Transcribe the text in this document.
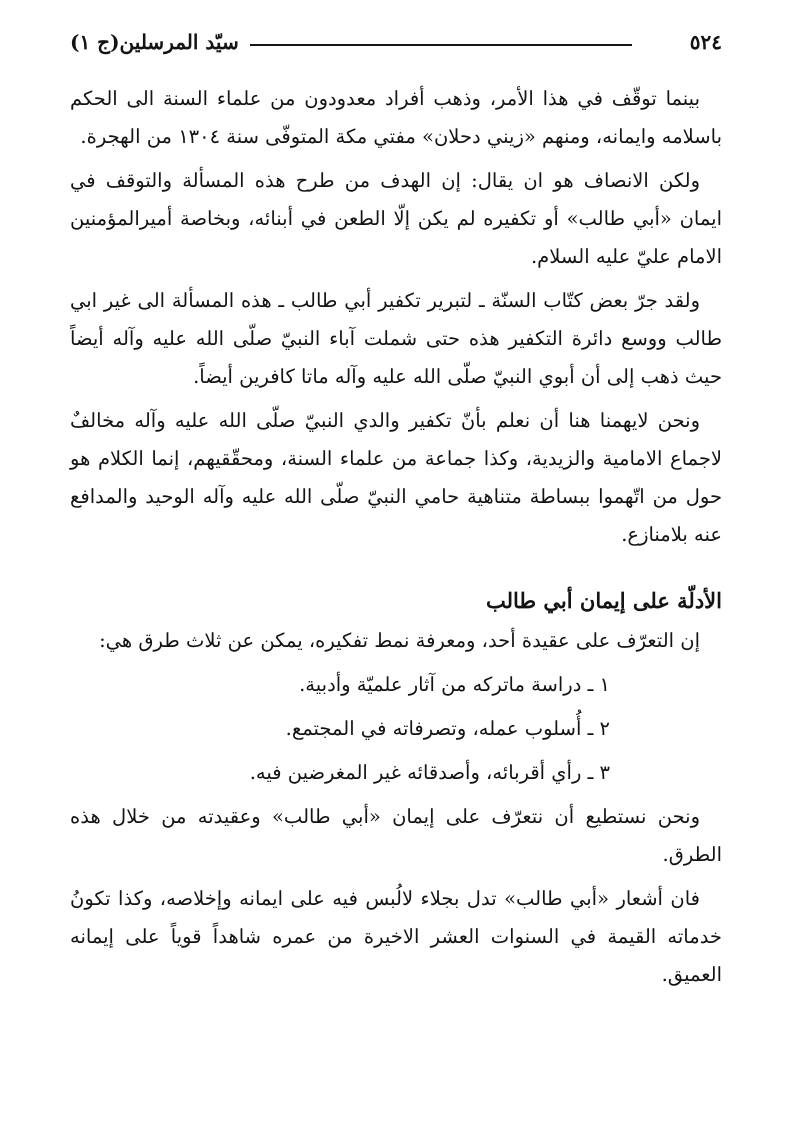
٥٢٤
سيّد المرسلين(ج ١)

بينما توقّف في هذا الأمر، وذهب أفراد معدودون من علماء السنة الى الحكم باسلامه وايمانه، ومنهم «زيني دحلان» مفتي مكة المتوفّى سنة ١٣٠٤ من الهجرة.

ولكن الانصاف هو ان يقال: إن الهدف من طرح هذه المسألة والتوقف في ايمان «أبي طالب» أو تكفيره لم يكن إلّا الطعن في أبنائه، وبخاصة أميرالمؤمنين الامام عليّ عليه السلام.

ولقد جرّ بعض كتّاب السنّة ـ لتبرير تكفير أبي طالب ـ هذه المسألة الى غير ابي طالب ووسع دائرة التكفير هذه حتى شملت آباء النبيّ صلّى الله عليه وآله أيضاً حيث ذهب إلى أن أبوي النبيّ صلّى الله عليه وآله ماتا كافرين أيضاً.

ونحن لايهمنا هنا أن نعلم بأنّ تكفير والدي النبيّ صلّى الله عليه وآله مخالفٌ لاجماع الامامية والزيدية، وكذا جماعة من علماء السنة، ومحقّقيهم، إنما الكلام هو حول من اتّهموا ببساطة متناهية حامي النبيّ صلّى الله عليه وآله الوحيد والمدافع عنه بلامنازع.

الأدلّة على إيمان أبي طالب

إن التعرّف على عقيدة أحد، ومعرفة نمط تفكيره، يمكن عن ثلاث طرق هي:

١ ـ دراسة ماتركه من آثار علميّة وأدبية.

٢ ـ أُسلوب عمله، وتصرفاته في المجتمع.

٣ ـ رأي أقربائه، وأصدقائه غير المغرضين فيه.

ونحن نستطيع أن نتعرّف على إيمان «أبي طالب» وعقيدته من خلال هذه الطرق.

فان أشعار «أبي طالب» تدل بجلاء لالُبس فيه على ايمانه وإخلاصه، وكذا تكونُ خدماته القيمة في السنوات العشر الاخيرة من عمره شاهداً قوياً على إيمانه العميق.
